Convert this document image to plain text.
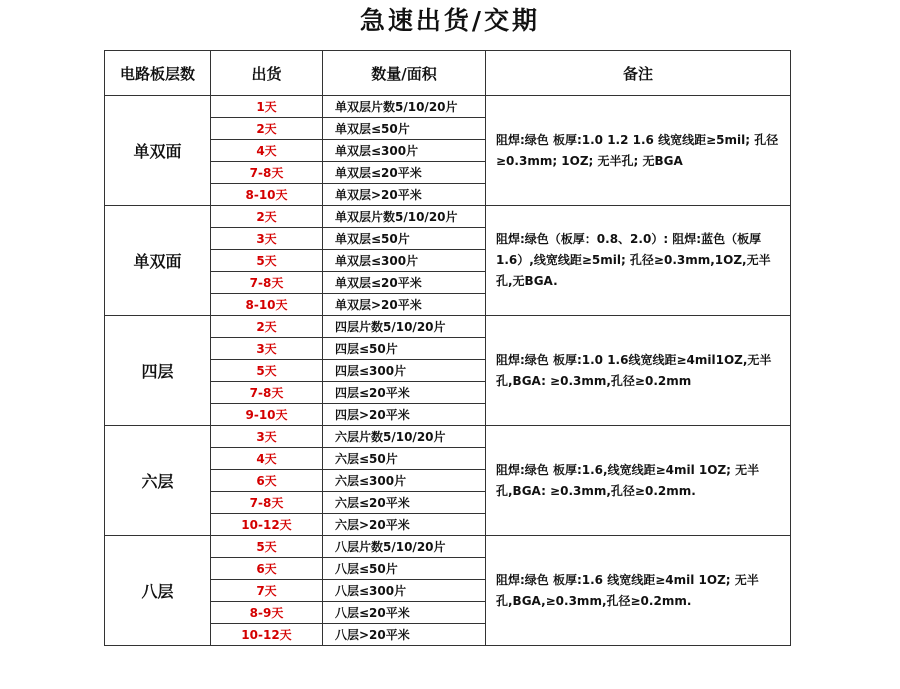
急速出货/交期
电路板层数	出货	数量/面积	备注
单双面	1天	单双层片数5/10/20片	阻焊:绿色 板厚:1.0 1.2 1.6 线宽线距≥5mil; 孔径≥0.3mm; 1OZ; 无半孔; 无BGA
	2天	单双层≤50片	
	4天	单双层≤300片	
	7-8天	单双层≤20平米	
	8-10天	单双层>20平米	
单双面	2天	单双层片数5/10/20片	阻焊:绿色（板厚：0.8、2.0）: 阻焊:蓝色（板厚1.6）,线宽线距≥5mil; 孔径≥0.3mm,1OZ,无半孔,无BGA.
	3天	单双层≤50片	
	5天	单双层≤300片	
	7-8天	单双层≤20平米	
	8-10天	单双层>20平米	
四层	2天	四层片数5/10/20片	阻焊:绿色 板厚:1.0 1.6线宽线距≥4mil1OZ,无半孔,BGA: ≥0.3mm,孔径≥0.2mm
	3天	四层≤50片	
	5天	四层≤300片	
	7-8天	四层≤20平米	
	9-10天	四层>20平米	
六层	3天	六层片数5/10/20片	阻焊:绿色 板厚:1.6,线宽线距≥4mil 1OZ; 无半孔,BGA: ≥0.3mm,孔径≥0.2mm.
	4天	六层≤50片	
	6天	六层≤300片	
	7-8天	六层≤20平米	
	10-12天	六层>20平米	
八层	5天	八层片数5/10/20片	阻焊:绿色 板厚:1.6 线宽线距≥4mil 1OZ; 无半孔,BGA,≥0.3mm,孔径≥0.2mm.
	6天	八层≤50片	
	7天	八层≤300片	
	8-9天	八层≤20平米	
	10-12天	八层>20平米	
